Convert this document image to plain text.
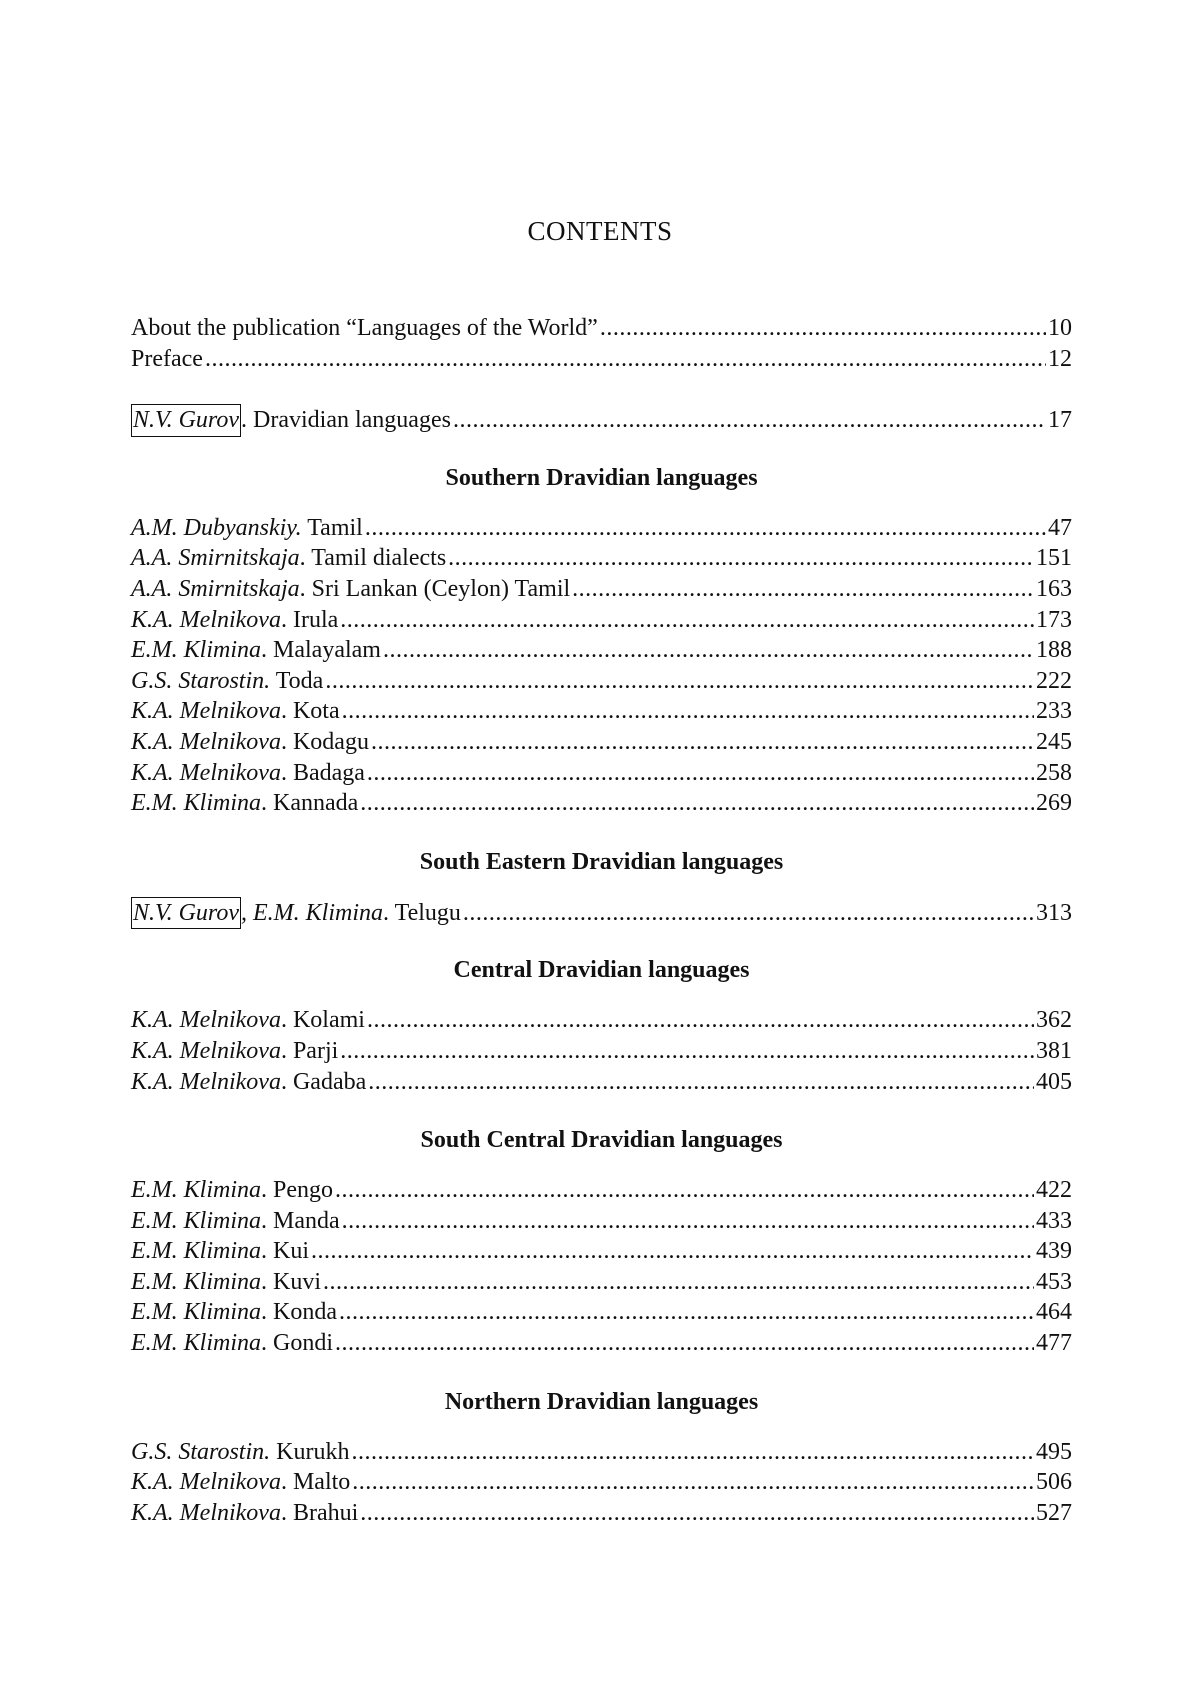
CONTENTS
About the publication “Languages of the World” .....	10
Preface .....	12
N.V. Gurov . Dravidian languages .....	17
Southern Dravidian languages
A.M. Dubyanskiy. Tamil .....	47
A.A. Smirnitskaja . Tamil dialects .....	151
A.A. Smirnitskaja . Sri Lankan (Ceylon) Tamil .....	163
K.A. Melnikova . Irula .....	173
E.M. Klimina . Malayalam .....	188
G.S. Starostin. Toda .....	222
K.A. Melnikova . Kota .....	233
K.A. Melnikova . Kodagu .....	245
K.A. Melnikova . Badaga .....	258
E.M. Klimina . Kannada .....	269
South Eastern Dravidian languages
N.V. Gurov , E.M. Klimina . Telugu .....	313
Central Dravidian languages
K.A. Melnikova . Kolami .....	362
K.A. Melnikova . Parji .....	381
K.A. Melnikova . Gadaba .....	405
South Central Dravidian languages
E.M. Klimina . Pengo .....	422
E.M. Klimina . Manda .....	433
E.M. Klimina . Kui .....	439
E.M. Klimina . Kuvi .....	453
E.M. Klimina . Konda .....	464
E.M. Klimina . Gondi .....	477
Northern Dravidian languages
G.S. Starostin. Kurukh .....	495
K.A. Melnikova . Malto .....	506
K.A. Melnikova . Brahui .....	527
